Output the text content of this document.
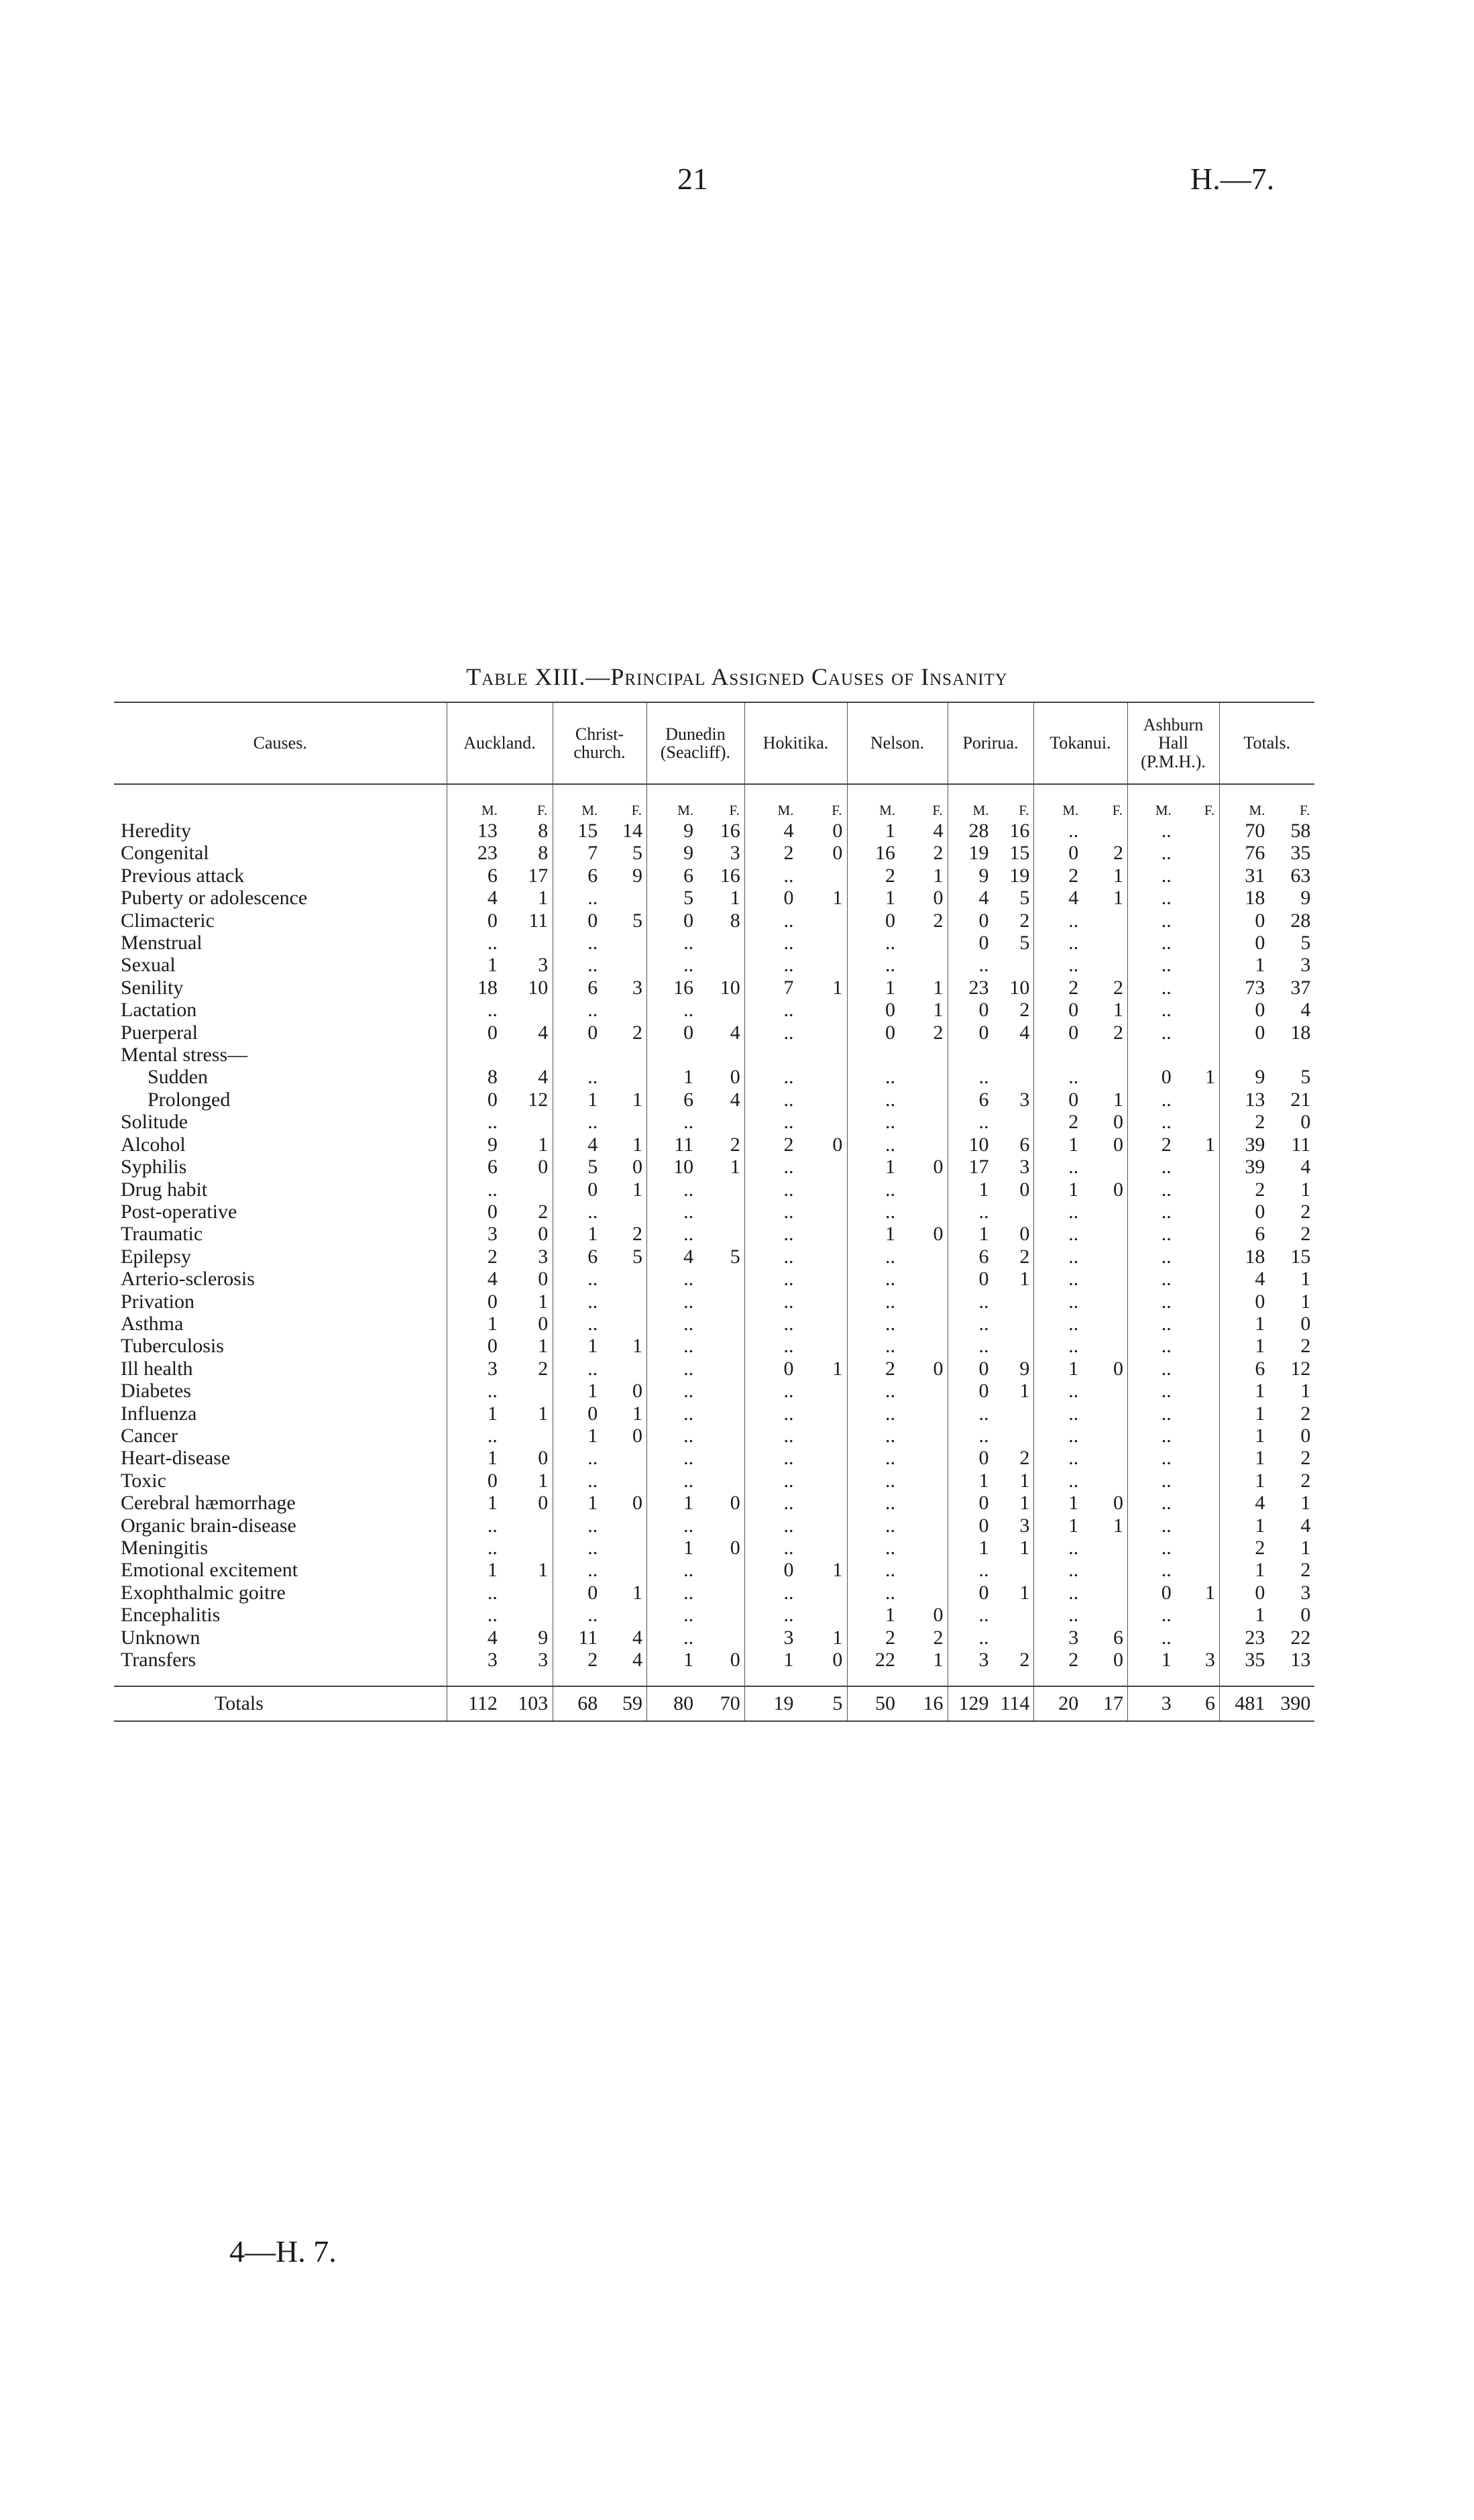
21	H.—7.
Table XIII.—Principal Assigned Causes of Insanity
Causes.	Auckland.	Christ-church.	Dunedin (Seacliff).	Hokitika.	Nelson.	Porirua.	Tokanui.	Ashburn Hall (P.M.H.).	Totals.
	M. F.	M. F.	M. F.	M. F.	M. F.	M. F.	M. F.	M. F.	M. F.
Heredity	13 8	15 14	9 16	4 0	1 4	28 16	..	..	70 58
Congenital	23 8	7 5	9 3	2 0	16 2	19 15	0 2	..	76 35
Previous attack	6 17	6 9	6 16	..	2 1	9 19	2 1	..	31 63
Puberty or adolescence	4 1	..	5 1	0 1	1 0	4 5	4 1	..	18 9
Climacteric	0 11	0 5	0 8	..	0 2	0 2	..	..	0 28
Menstrual	..	..	..	..	..	0 5	..	..	0 5
Sexual	1 3	..	..	..	..	..	..	..	1 3
Senility	18 10	6 3	16 10	7 1	1 1	23 10	2 2	..	73 37
Lactation	..	..	..	..	0 1	0 2	0 1	..	0 4
Puerperal	0 4	0 2	0 4	..	0 2	0 4	0 2	..	0 18
Mental stress—									
Sudden	8 4	..	1 0	..	..	..	..	0 1	9 5
Prolonged	0 12	1 1	6 4	..	..	6 3	0 1	..	13 21
Solitude	..	..	..	..	..	..	2 0	..	2 0
Alcohol	9 1	4 1	11 2	2 0	..	10 6	1 0	2 1	39 11
Syphilis	6 0	5 0	10 1	..	1 0	17 3	..	..	39 4
Drug habit	..	0 1	..	..	..	1 0	1 0	..	2 1
Post-operative	0 2	..	..	..	..	..	..	..	0 2
Traumatic	3 0	1 2	..	..	1 0	1 0	..	..	6 2
Epilepsy	2 3	6 5	4 5	..	..	6 2	..	..	18 15
Arterio-sclerosis	4 0	..	..	..	..	0 1	..	..	4 1
Privation	0 1	..	..	..	..	..	..	..	0 1
Asthma	1 0	..	..	..	..	..	..	..	1 0
Tuberculosis	0 1	1 1	..	..	..	..	..	..	1 2
Ill health	3 2	..	..	0 1	2 0	0 9	1 0	..	6 12
Diabetes	..	1 0	..	..	..	0 1	..	..	1 1
Influenza	1 1	0 1	..	..	..	..	..	..	1 2
Cancer	..	1 0	..	..	..	..	..	..	1 0
Heart-disease	1 0	..	..	..	..	0 2	..	..	1 2
Toxic	0 1	..	..	..	..	1 1	..	..	1 2
Cerebral hæmorrhage	1 0	1 0	1 0	..	..	0 1	1 0	..	4 1
Organic brain-disease	..	..	..	..	..	0 3	1 1	..	1 4
Meningitis	..	..	1 0	..	..	1 1	..	..	2 1
Emotional excitement	1 1	..	..	0 1	..	..	..	..	1 2
Exophthalmic goitre	..	0 1	..	..	..	0 1	..	0 1	0 3
Encephalitis	..	..	..	..	1 0	..	..	..	1 0
Unknown	4 9	11 4	..	3 1	2 2	..	3 6	..	23 22
Transfers	3 3	2 4	1 0	1 0	22 1	3 2	2 0	1 3	35 13

Totals	112 103	68 59	80 70	19 5	50 16	129 114	20 17	3 6	481 390
4—H. 7.
